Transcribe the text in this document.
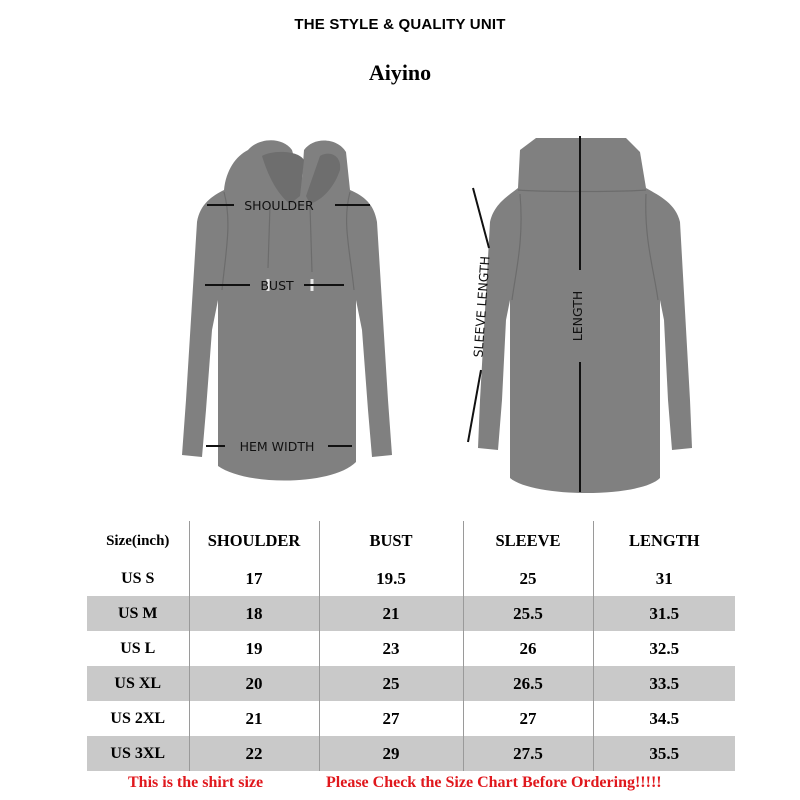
THE STYLE & QUALITY UNIT
Aiyino
SHOULDER
BUST
HEM WIDTH
SLEEVE LENGTH	LENGTH
Size(inch)	SHOULDER	BUST	SLEEVE	LENGTH
US S	17	19.5	25	31
US M	18	21	25.5	31.5
US L	19	23	26	32.5
US XL	20	25	26.5	33.5
US 2XL	21	27	27	34.5
US 3XL	22	29	27.5	35.5
This is the shirt size	Please Check the Size Chart Before Ordering!!!!!
